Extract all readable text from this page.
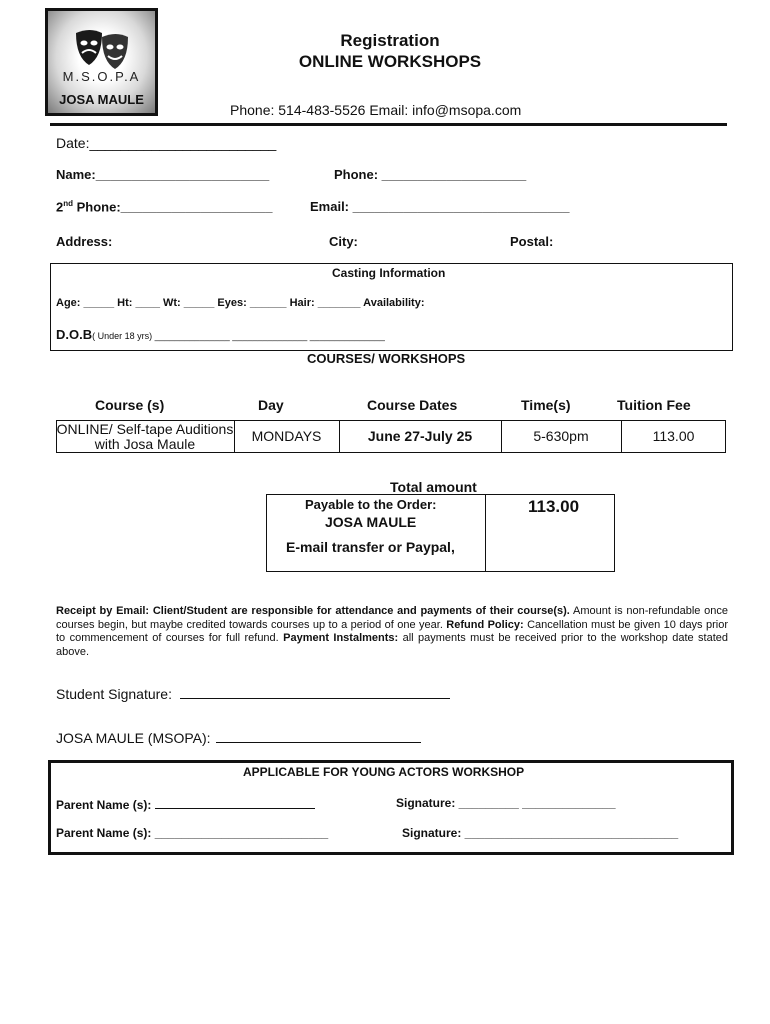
M.S.O.P.A
JOSA MAULE
Registration
ONLINE WORKSHOPS
Phone: 514-483-5526 Email: info@msopa.com
Date:________________________
Name:________________________	Phone: ____________________
2nd Phone:_____________________	Email: ______________________________
Address:	City:	Postal:
Casting Information
Age: _____ Ht: ____ Wt: _____ Eyes: ______ Hair: _______ Availability:
D.O.B( Under 18 yrs) _______________ _______________ _______________
COURSES/ WORKSHOPS
Course (s)	Day	Course Dates	Time(s)	Tuition Fee
ONLINE/ Self-tape Auditions
with Josa Maule	MONDAYS	June 27-July 25	5-630pm	113.00
Total amount
Payable to the Order:
JOSA MAULE
E-mail transfer or Paypal,
113.00
Receipt by Email: Client/Student are responsible for attendance and payments of their course(s). Amount is non-refundable once courses begin, but maybe credited towards courses up to a period of one year. Refund Policy: Cancellation must be given 10 days prior to commencement of courses for full refund. Payment Instalments: all payments must be received prior to the workshop date stated above.
Student Signature:
JOSA MAULE (MSOPA):
APPLICABLE FOR YOUNG ACTORS WORKSHOP
Parent Name (s):	Signature: _________ ______________
Parent Name (s): __________________________	Signature: ________________________________
